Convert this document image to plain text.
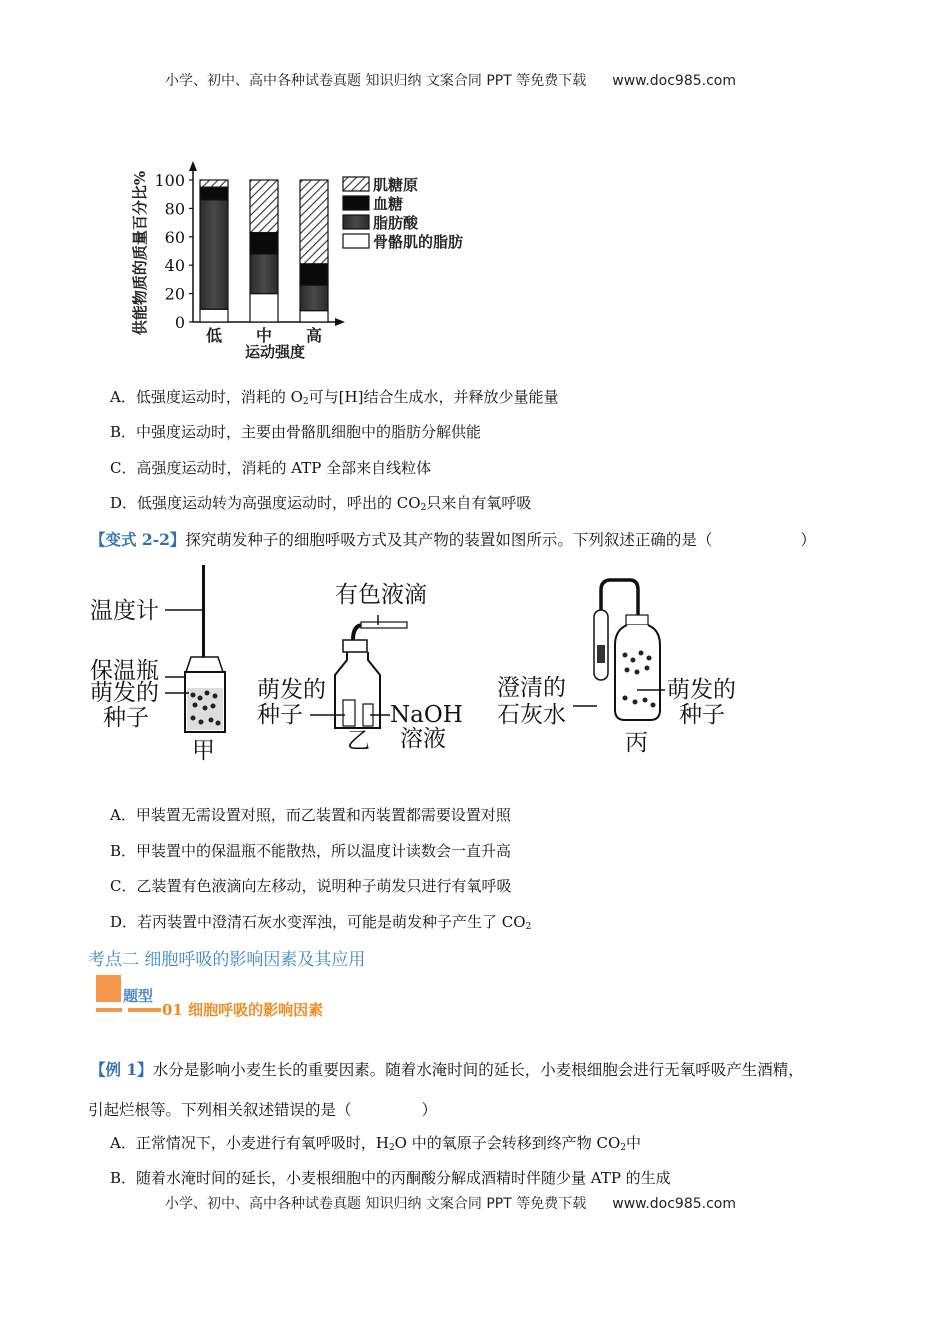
小学、初中、高中各种试卷真题 知识归纳 文案合同 PPT 等免费下载 www.doc985.com
供能物质的质量百分比% 0
20
40
60
80
100
低 中 高
运动强度
肌糖原
血糖
脂肪酸
骨骼肌的脂肪
A．低强度运动时，消耗的 $O_2$可与[H]结合生成水，并释放少量能量
B．中强度运动时，主要由骨骼肌细胞中的脂肪分解供能
C．高强度运动时，消耗的 ATP 全部来自线粒体
D．低强度运动转为高强度运动时，呼出的 $CO_2$只来自有氧呼吸
【变式 2-2】探究萌发种子的细胞呼吸方式及其产物的装置如图所示。下列叙述正确的是（	）
温度计
保温瓶
萌发的
种子
甲
有色液滴
萌发的
种子	NaOH
溶液
乙
澄清的
石灰水
萌发的
种子
丙
A．甲装置无需设置对照，而乙装置和丙装置都需要设置对照
B．甲装置中的保温瓶不能散热，所以温度计读数会一直升高
C．乙装置有色液滴向左移动，说明种子萌发只进行有氧呼吸
D．若丙装置中澄清石灰水变浑浊，可能是萌发种子产生了 $CO_2$
考点二 细胞呼吸的影响因素及其应用
题型
01 细胞呼吸的影响因素
【例 1】水分是影响小麦生长的重要因素。随着水淹时间的延长，小麦根细胞会进行无氧呼吸产生酒精，
引起烂根等。下列相关叙述错误的是（	）
A．正常情况下，小麦进行有氧呼吸时，$H_2O$ 中的氧原子会转移到终产物 $CO_2$中
B．随着水淹时间的延长，小麦根细胞中的丙酮酸分解成酒精时伴随少量 ATP 的生成
小学、初中、高中各种试卷真题 知识归纳 文案合同 PPT 等免费下载 www.doc985.com
